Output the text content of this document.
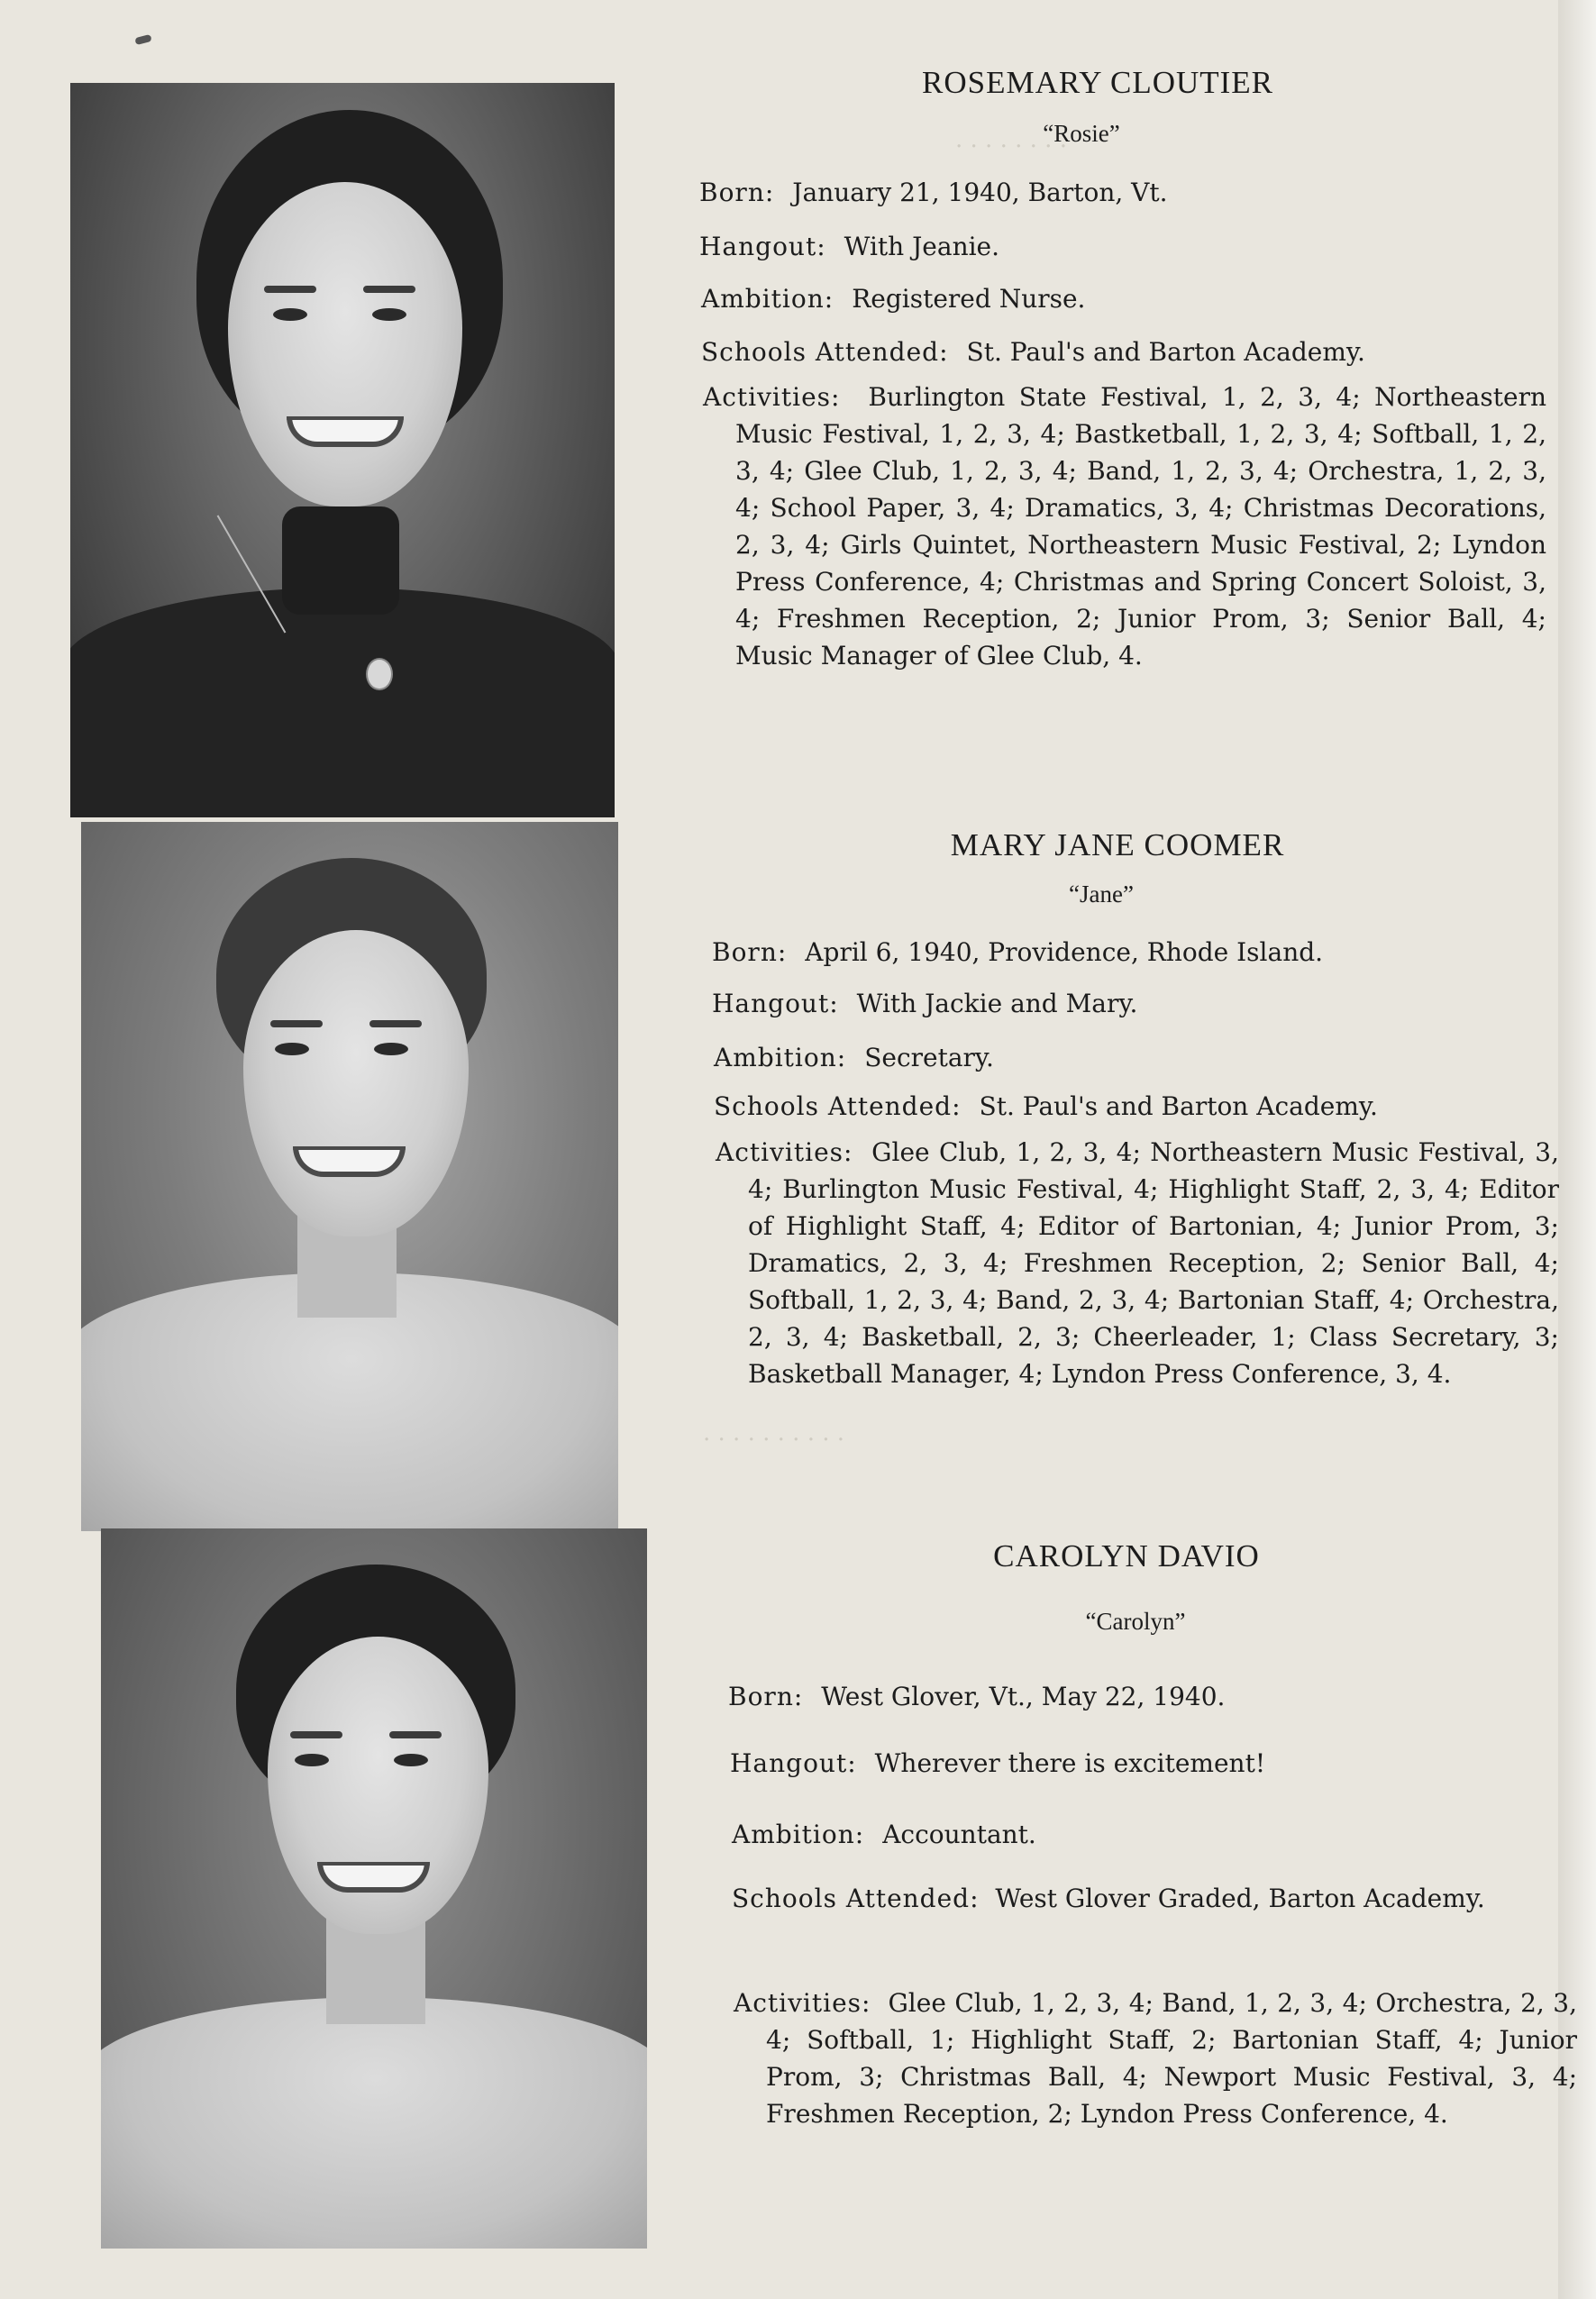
. . . . . . . .
. . . . . . . . . .
ROSEMARY CLOUTIER
“Rosie”
Born: January 21, 1940, Barton, Vt.
Hangout: With Jeanie.
Ambition: Registered Nurse.
Schools Attended: St. Paul's and Barton Academy.
Activities: Burlington State Festival, 1, 2, 3, 4; Northeastern Music Festival, 1, 2, 3, 4; Bastketball, 1, 2, 3, 4; Softball, 1, 2, 3, 4; Glee Club, 1, 2, 3, 4; Band, 1, 2, 3, 4; Orchestra, 1, 2, 3, 4; School Paper, 3, 4; Dramatics, 3, 4; Christmas Decorations, 2, 3, 4; Girls Quintet, Northeastern Music Festival, 2; Lyndon Press Conference, 4; Christmas and Spring Concert Soloist, 3, 4; Freshmen Reception, 2; Junior Prom, 3; Senior Ball, 4; Music Manager of Glee Club, 4.
MARY JANE COOMER
“Jane”
Born: April 6, 1940, Providence, Rhode Island.
Hangout: With Jackie and Mary.
Ambition: Secretary.
Schools Attended: St. Paul's and Barton Academy.
Activities: Glee Club, 1, 2, 3, 4; Northeastern Music Festival, 3, 4; Burlington Music Festival, 4; Highlight Staff, 2, 3, 4; Editor of Highlight Staff, 4; Editor of Bartonian, 4; Junior Prom, 3; Dramatics, 2, 3, 4; Freshmen Reception, 2; Senior Ball, 4; Softball, 1, 2, 3, 4; Band, 2, 3, 4; Bartonian Staff, 4; Orchestra, 2, 3, 4; Basketball, 2, 3; Cheerleader, 1; Class Secretary, 3; Basketball Manager, 4; Lyndon Press Conference, 3, 4.
CAROLYN DAVIO
“Carolyn”
Born: West Glover, Vt., May 22, 1940.
Hangout: Wherever there is excitement!
Ambition: Accountant.
Schools Attended: West Glover Graded, Barton Academy.
Activities: Glee Club, 1, 2, 3, 4; Band, 1, 2, 3, 4; Orchestra, 2, 3, 4; Softball, 1; Highlight Staff, 2; Bartonian Staff, 4; Junior Prom, 3; Christmas Ball, 4; Newport Music Festival, 3, 4; Freshmen Reception, 2; Lyndon Press Conference, 4.
